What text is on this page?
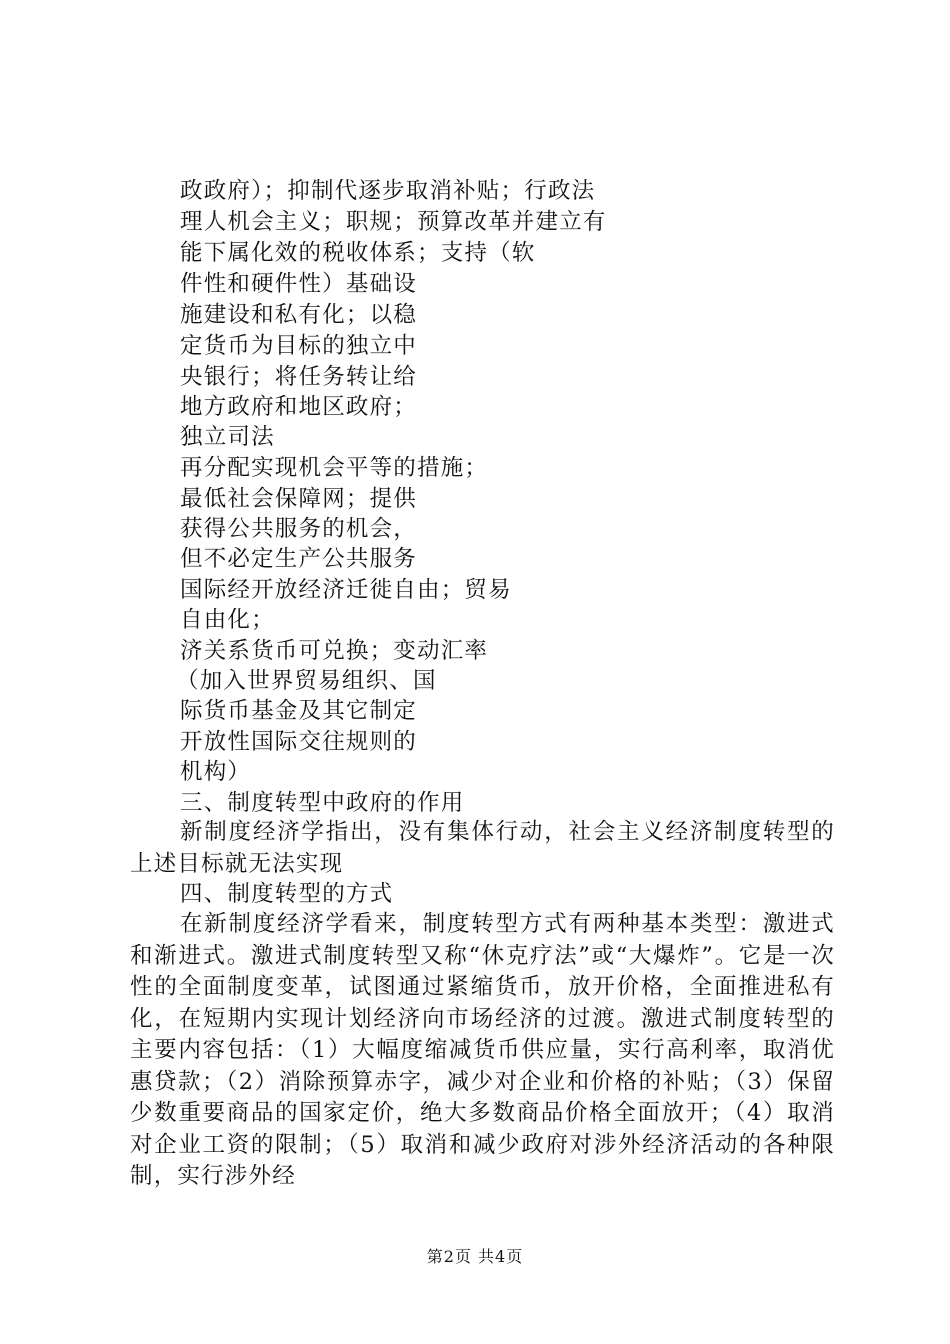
政政府）；抑制代逐步取消补贴；行政法
理人机会主义；职规；预算改革并建立有
能下属化效的税收体系；支持（软
件性和硬件性）基础设
施建设和私有化；以稳
定货币为目标的独立中
央银行；将任务转让给
地方政府和地区政府；
独立司法
再分配实现机会平等的措施；
最低社会保障网；提供
获得公共服务的机会，
但不必定生产公共服务
国际经开放经济迁徙自由；贸易
自由化；
济关系货币可兑换；变动汇率
（加入世界贸易组织、国
际货币基金及其它制定
开放性国际交往规则的
机构）
三、制度转型中政府的作用
新制度经济学指出，没有集体行动，社会主义经济制度转型的上述目标就无法实现
四、制度转型的方式
在新制度经济学看来，制度转型方式有两种基本类型：激进式和渐进式。激进式制度转型又称“休克疗法”或“大爆炸”。它是一次性的全面制度变革，试图通过紧缩货币，放开价格，全面推进私有化，在短期内实现计划经济向市场经济的过渡。激进式制度转型的主要内容包括：（1）大幅度缩减货币供应量，实行高利率，取消优惠贷款；（2）消除预算赤字，减少对企业和价格的补贴；（3）保留少数重要商品的国家定价，绝大多数商品价格全面放开；（4）取消对企业工资的限制；（5）取消和减少政府对涉外经济活动的各种限制，实行涉外经
第2页 共4页
